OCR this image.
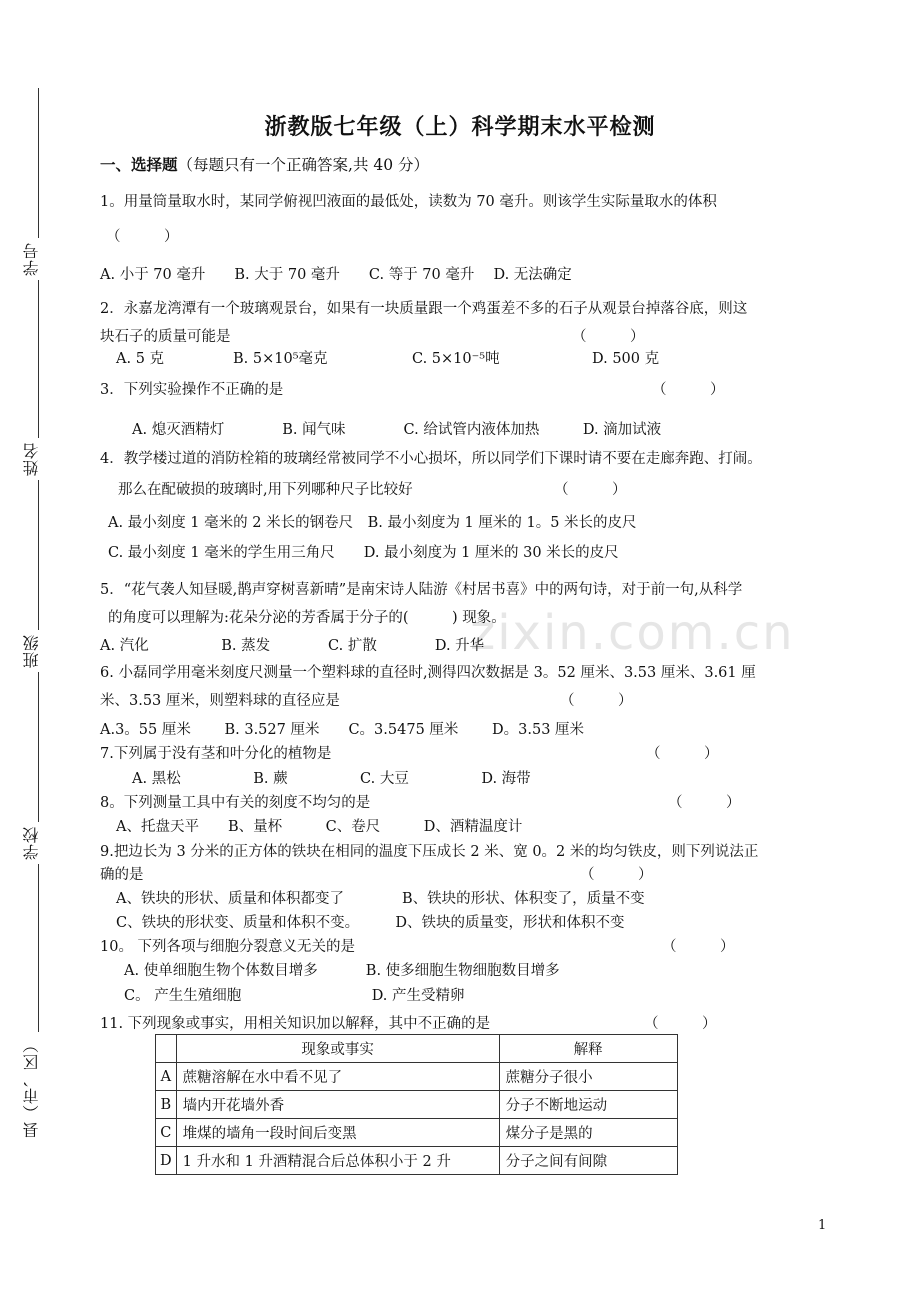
学号
姓名
班级
学校
县（市、区）
zixin.com.cn
浙教版七年级（上）科学期末水平检测
一、选择题（每题只有一个正确答案,共 40 分）
1。用量筒量取水时，某同学俯视凹液面的最低处，读数为 70 毫升。则该学生实际量取水的体积
（　　　）
A. 小于 70 毫升　　B. 大于 70 毫升　　C. 等于 70 毫升　 D. 无法确定
2．永嘉龙湾潭有一个玻璃观景台，如果有一块质量跟一个鸡蛋差不多的石子从观景台掉落谷底，则这
块石子的质量可能是	（　　　）
A. 5 克	B. 5×10⁵毫克	C. 5×10⁻⁵吨	D. 500 克
3．下列实验操作不正确的是	（　　　）
A. 熄灭酒精灯　　　　B. 闻气味　　　　C. 给试管内液体加热　　　D. 滴加试液
4．教学楼过道的消防栓箱的玻璃经常被同学不小心损坏，所以同学们下课时请不要在走廊奔跑、打闹。
那么在配破损的玻璃时,用下列哪种尺子比较好	（　　　）
A. 最小刻度 1 毫米的 2 米长的钢卷尺　B. 最小刻度为 1 厘米的 1。5 米长的皮尺
C. 最小刻度 1 毫米的学生用三角尺　　D. 最小刻度为 1 厘米的 30 米长的皮尺
5．“花气袭人知昼暖,鹊声穿树喜新晴”是南宋诗人陆游《村居书喜》中的两句诗，对于前一句,从科学
的角度可以理解为:花朵分泌的芳香属于分子的(　　　) 现象。
A. 汽化　　　　　B. 蒸发　　　　C. 扩散　　　　D. 升华
6. 小磊同学用毫米刻度尺测量一个塑料球的直径时,测得四次数据是 3。52 厘米、3.53 厘米、3.61 厘
米、3.53 厘米，则塑料球的直径应是	（　　　）
A.3。55 厘米　　 B. 3.527 厘米　　C。3.5475 厘米　　 D。3.53 厘米
7.下列属于没有茎和叶分化的植物是	（　　　）
A. 黑松　　　　　B. 蕨　　　　　C. 大豆　　　　　D. 海带
8。下列测量工具中有关的刻度不均匀的是	（　　　）
A、托盘天平　　B、量杯　　　C、卷尺　　　D、酒精温度计
9.把边长为 3 分米的正方体的铁块在相同的温度下压成长 2 米、宽 0。2 米的均匀铁皮，则下列说法正
确的是	（　　　）
A、铁块的形状、质量和体积都变了　　　　B、铁块的形状、体积变了，质量不变
C、铁块的形状变、质量和体积不变。　　　D、铁块的质量变，形状和体积不变
10。 下列各项与细胞分裂意义无关的是	（　　　）
A. 使单细胞生物个体数目增多　　　 B. 使多细胞生物细胞数目增多
C。 产生生殖细胞　　　　　　　　　D. 产生受精卵
11. 下列现象或事实，用相关知识加以解释，其中不正确的是	（　　　）
	现象或事实	解释
A	蔗糖溶解在水中看不见了	蔗糖分子很小
B	墙内开花墙外香	分子不断地运动
C	堆煤的墙角一段时间后变黑	煤分子是黑的
D	1 升水和 1 升酒精混合后总体积小于 2 升	分子之间有间隙
1
